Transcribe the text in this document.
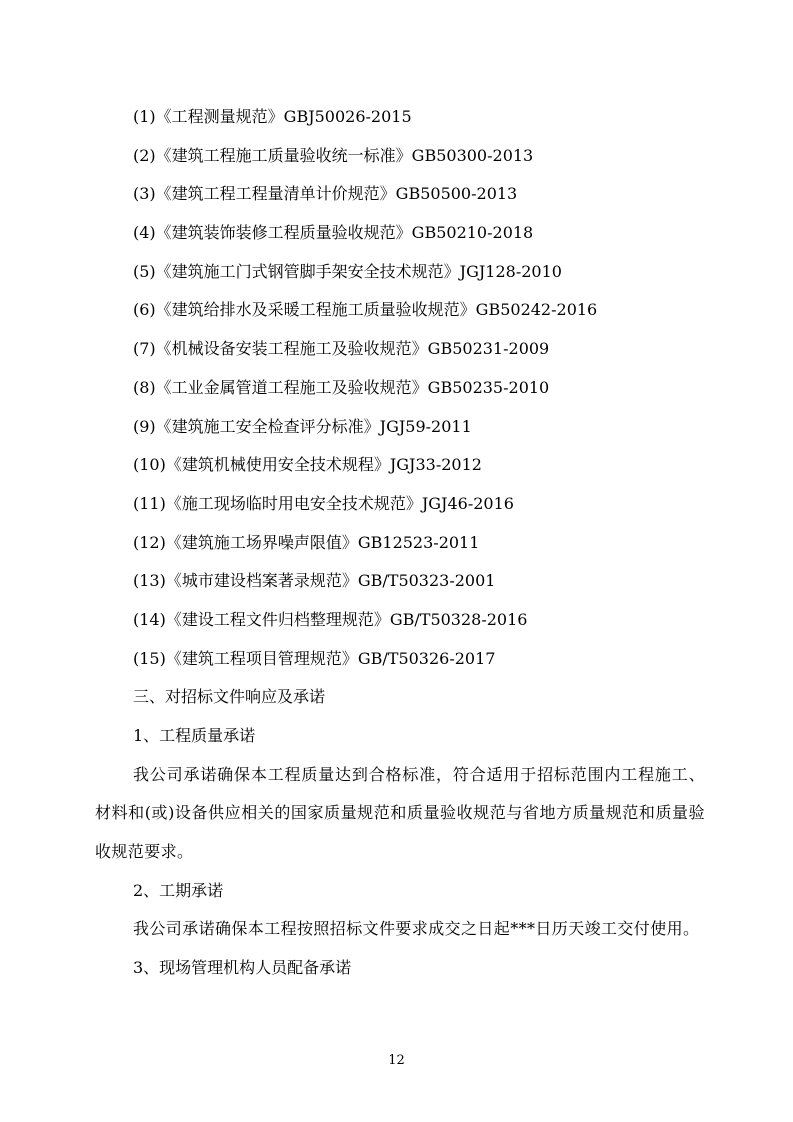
(1)《工程测量规范》GBJ50026-2015
(2)《建筑工程施工质量验收统一标准》GB50300-2013
(3)《建筑工程工程量清单计价规范》GB50500-2013
(4)《建筑装饰装修工程质量验收规范》GB50210-2018
(5)《建筑施工门式钢管脚手架安全技术规范》JGJ128-2010
(6)《建筑给排水及采暖工程施工质量验收规范》GB50242-2016
(7)《机械设备安装工程施工及验收规范》GB50231-2009
(8)《工业金属管道工程施工及验收规范》GB50235-2010
(9)《建筑施工安全检查评分标准》JGJ59-2011
(10)《建筑机械使用安全技术规程》JGJ33-2012
(11)《施工现场临时用电安全技术规范》JGJ46-2016
(12)《建筑施工场界噪声限值》GB12523-2011
(13)《城市建设档案著录规范》GB/T50323-2001
(14)《建设工程文件归档整理规范》GB/T50328-2016
(15)《建筑工程项目管理规范》GB/T50326-2017
三、对招标文件响应及承诺
1、工程质量承诺

我公司承诺确保本工程质量达到合格标准，符合适用于招标范围内工程施工、材料和(或)设备供应相关的国家质量规范和质量验收规范与省地方质量规范和质量验收规范要求。

2、工期承诺

我公司承诺确保本工程按照招标文件要求成交之日起***日历天竣工交付使用。

3、现场管理机构人员配备承诺
12
